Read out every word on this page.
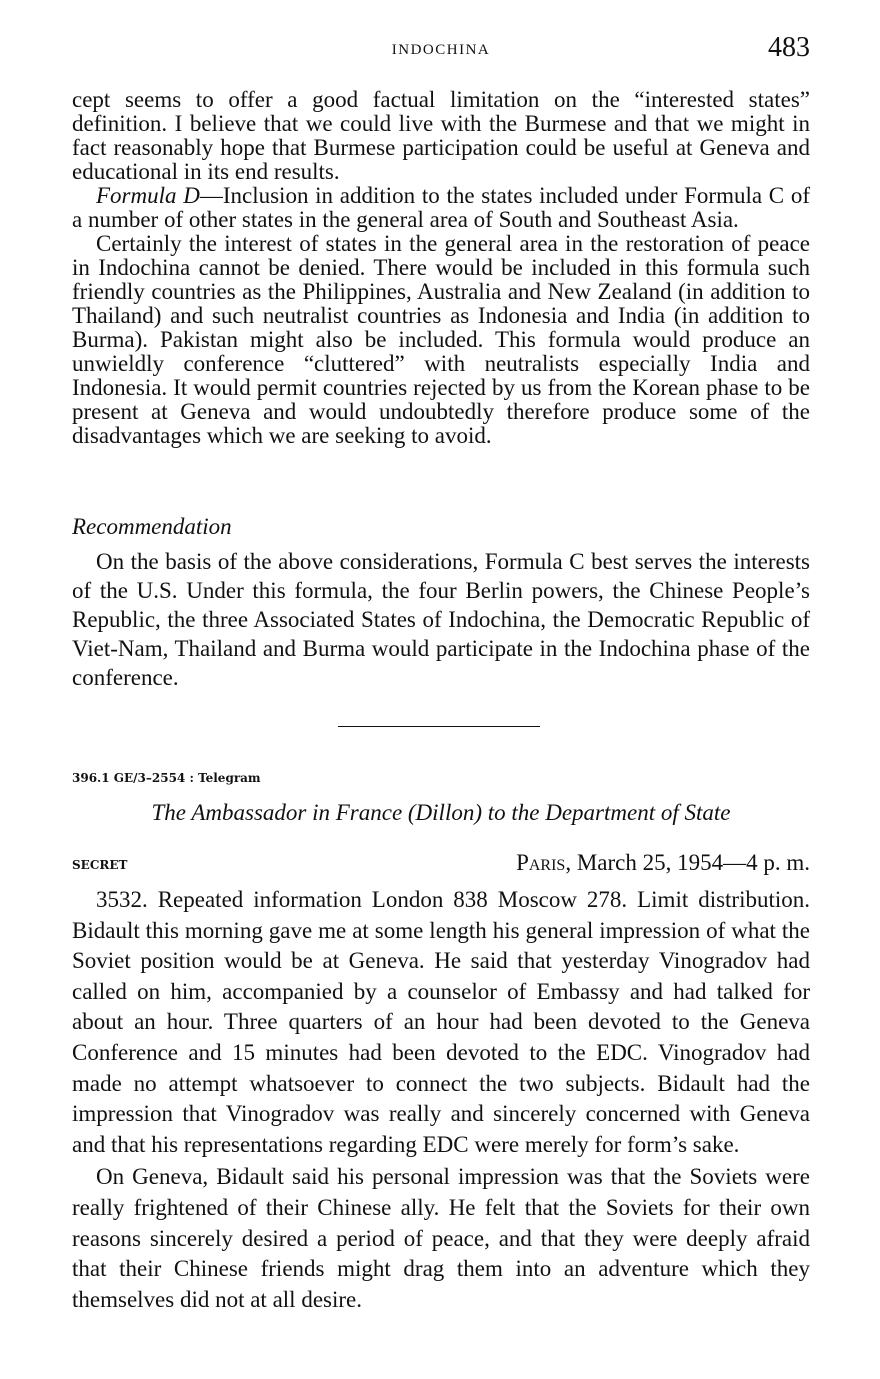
INDOCHINA	483

cept seems to offer a good factual limitation on the “interested states” definition. I believe that we could live with the Burmese and that we might in fact reasonably hope that Burmese participation could be useful at Geneva and educational in its end results.

Formula D—Inclusion in addition to the states included under Formula C of a number of other states in the general area of South and Southeast Asia.

Certainly the interest of states in the general area in the restoration of peace in Indochina cannot be denied. There would be included in this formula such friendly countries as the Philippines, Australia and New Zealand (in addition to Thailand) and such neutralist countries as Indonesia and India (in addition to Burma). Pakistan might also be included. This formula would produce an unwieldly conference “cluttered” with neutralists especially India and Indonesia. It would permit countries rejected by us from the Korean phase to be present at Geneva and would undoubtedly therefore produce some of the disadvantages which we are seeking to avoid.

Recommendation

On the basis of the above considerations, Formula C best serves the interests of the U.S. Under this formula, the four Berlin powers, the Chinese People’s Republic, the three Associated States of Indochina, the Democratic Republic of Viet-Nam, Thailand and Burma would participate in the Indochina phase of the conference.

396.1 GE/3–2554 : Telegram
The Ambassador in France (Dillon) to the Department of State
SECRET	Paris, March 25, 1954—4 p. m.

3532. Repeated information London 838 Moscow 278. Limit distribution. Bidault this morning gave me at some length his general impression of what the Soviet position would be at Geneva. He said that yesterday Vinogradov had called on him, accompanied by a counselor of Embassy and had talked for about an hour. Three quarters of an hour had been devoted to the Geneva Conference and 15 minutes had been devoted to the EDC. Vinogradov had made no attempt whatsoever to connect the two subjects. Bidault had the impression that Vinogradov was really and sincerely concerned with Geneva and that his representations regarding EDC were merely for form’s sake.

On Geneva, Bidault said his personal impression was that the Soviets were really frightened of their Chinese ally. He felt that the Soviets for their own reasons sincerely desired a period of peace, and that they were deeply afraid that their Chinese friends might drag them into an adventure which they themselves did not at all desire.
